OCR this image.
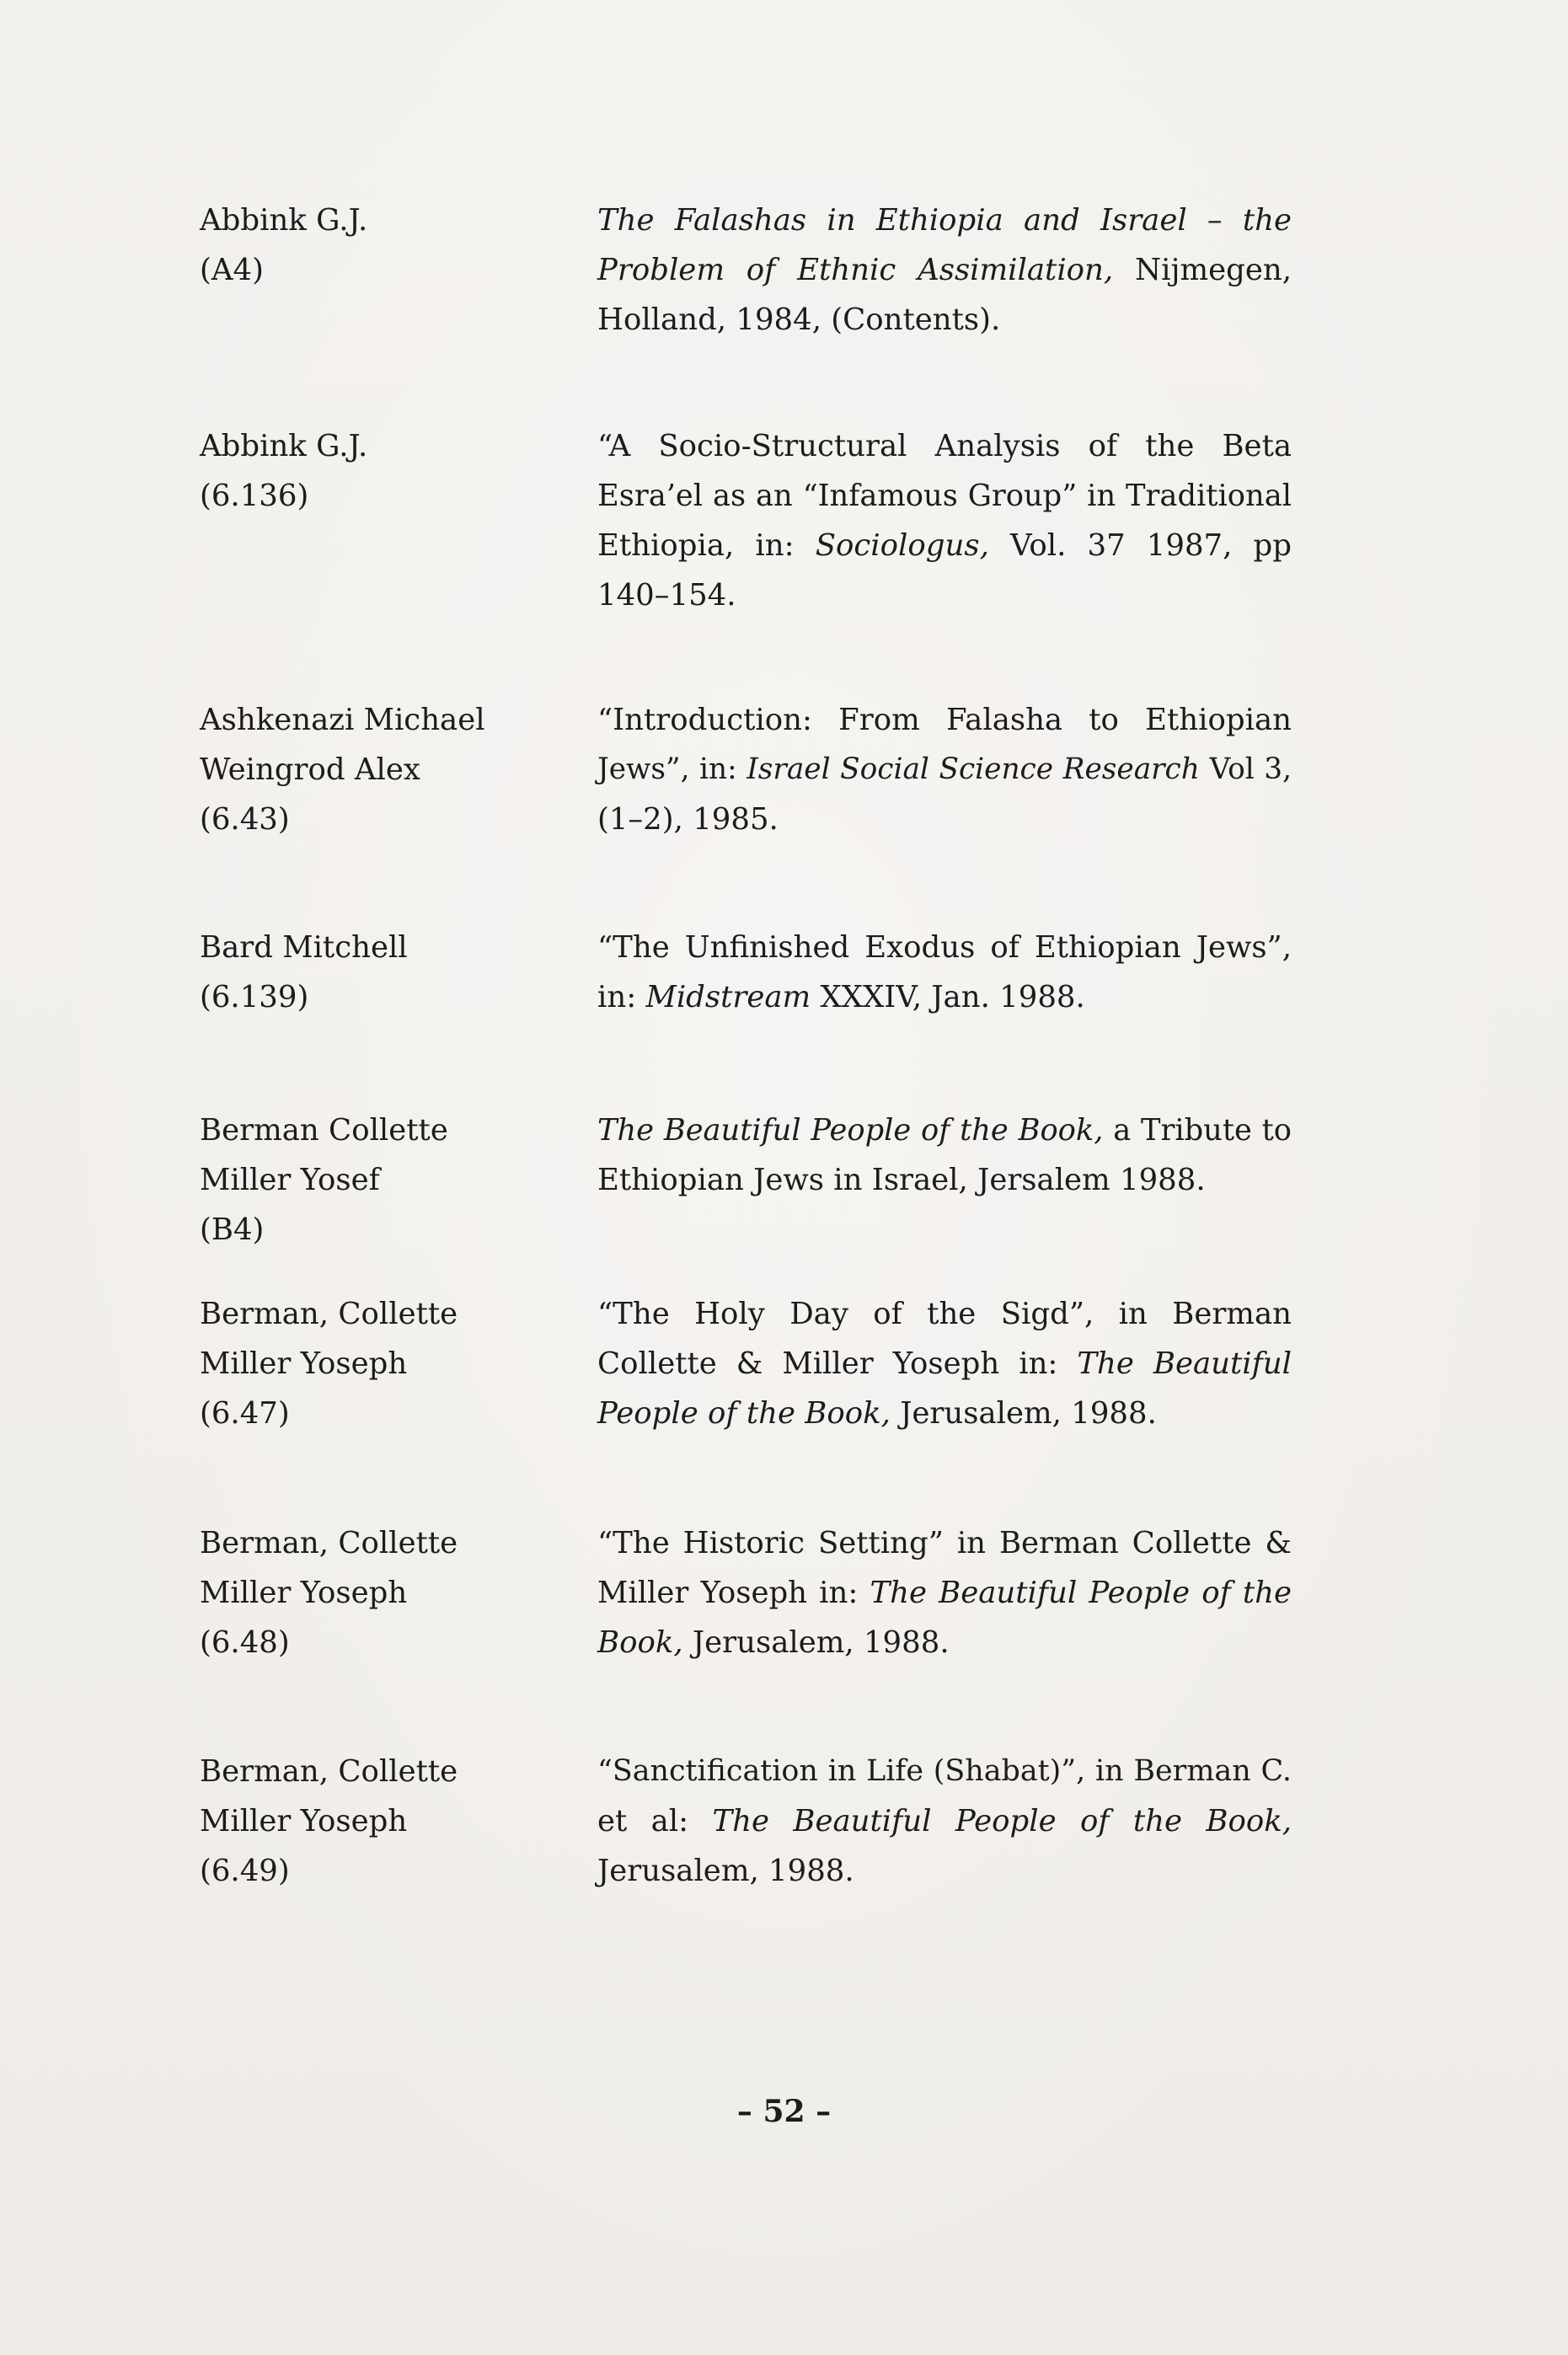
Abbink G.J.
(A4)
The Falashas in Ethiopia and Israel – the
Problem of Ethnic Assimilation, Nijmegen,
Holland, 1984, (Contents).
Abbink G.J.
(6.136)
“A Socio-Structural Analysis of the Beta
Esra’el as an “Infamous Group” in Traditional
Ethiopia, in: Sociologus, Vol. 37 1987, pp
140–154.
Ashkenazi Michael
Weingrod Alex
(6.43)
“Introduction: From Falasha to Ethiopian
Jews”, in: Israel Social Science Research Vol 3,
(1–2), 1985.
Bard Mitchell
(6.139)
“The Unfinished Exodus of Ethiopian Jews”,
in: Midstream XXXIV, Jan. 1988.
Berman Collette
Miller Yosef
(B4)
The Beautiful People of the Book, a Tribute to
Ethiopian Jews in Israel, Jersalem 1988.
Berman, Collette
Miller Yoseph
(6.47)
“The Holy Day of the Sigd”, in Berman
Collette & Miller Yoseph in: The Beautiful
People of the Book, Jerusalem, 1988.
Berman, Collette
Miller Yoseph
(6.48)
“The Historic Setting” in Berman Collette &
Miller Yoseph in: The Beautiful People of the
Book, Jerusalem, 1988.
Berman, Collette
Miller Yoseph
(6.49)
“Sanctification in Life (Shabat)”, in Berman C.
et al: The Beautiful People of the Book,
Jerusalem, 1988.
– 52 –
